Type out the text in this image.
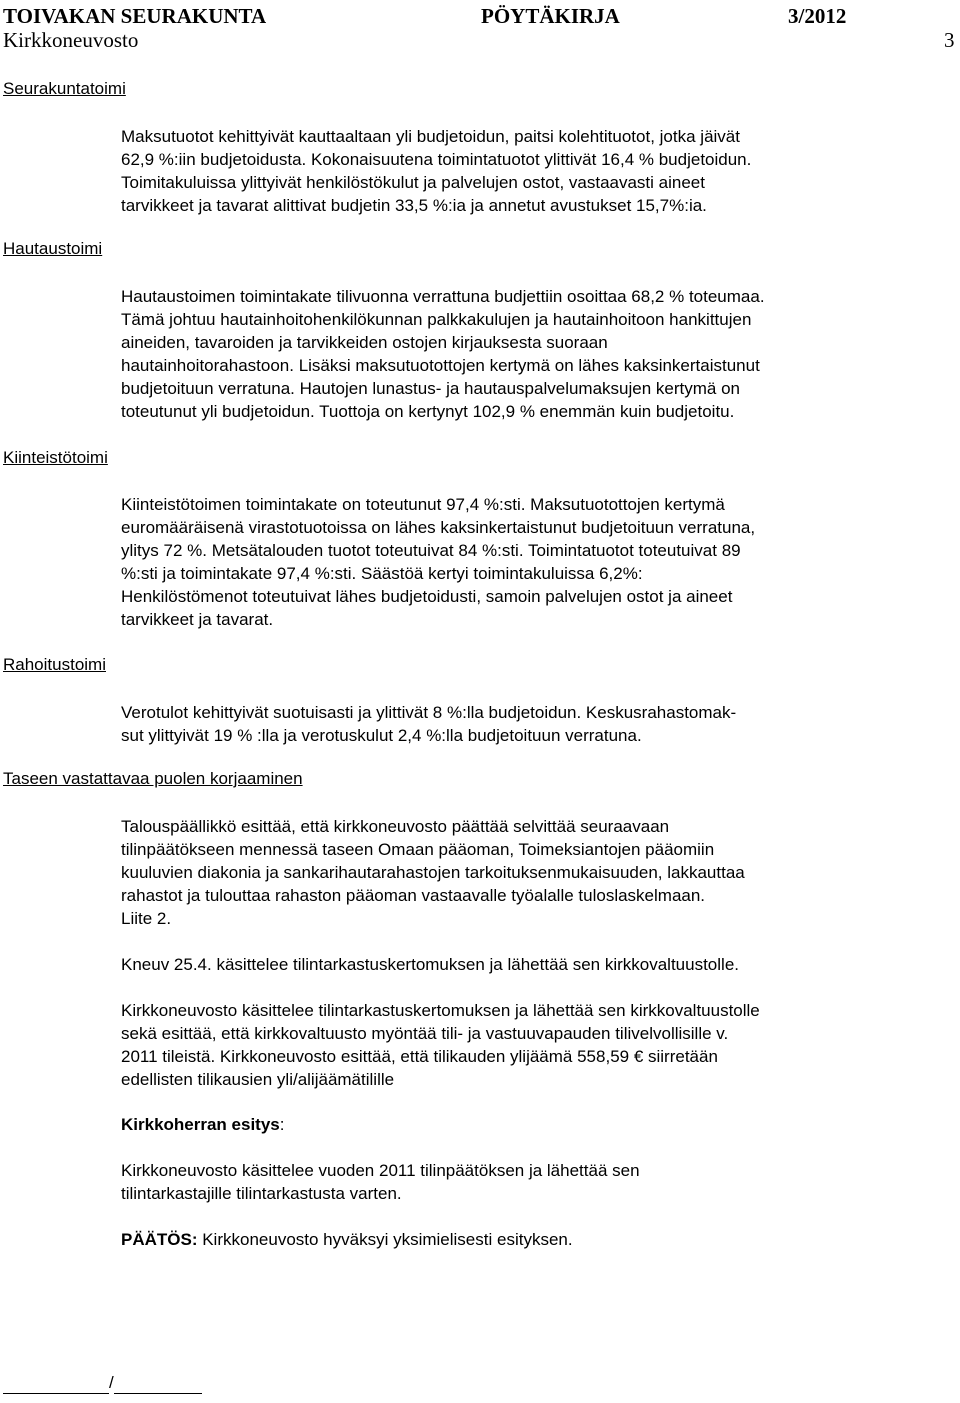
TOIVAKAN SEURAKUNTA	PÖYTÄKIRJA	3/2012
Kirkkoneuvosto	3
Seurakuntatoimi

Maksutuotot kehittyivät kauttaaltaan yli budjetoidun, paitsi kolehtituotot, jotka jäivät
62,9 %:iin budjetoidusta. Kokonaisuutena toimintatuotot ylittivät 16,4 % budjetoidun.
Toimitakuluissa ylittyivät henkilöstökulut ja palvelujen ostot, vastaavasti aineet
tarvikkeet ja tavarat alittivat budjetin 33,5 %:ia ja annetut avustukset 15,7%:ia.

Hautaustoimi

Hautaustoimen toimintakate tilivuonna verrattuna budjettiin osoittaa 68,2 % toteumaa.
Tämä johtuu hautainhoitohenkilökunnan palkkakulujen ja hautainhoitoon hankittujen
aineiden, tavaroiden ja tarvikkeiden ostojen kirjauksesta suoraan
hautainhoitorahastoon. Lisäksi maksutuotottojen kertymä on lähes kaksinkertaistunut
budjetoituun verratuna. Hautojen lunastus- ja hautauspalvelumaksujen kertymä on
toteutunut yli budjetoidun. Tuottoja on kertynyt 102,9 % enemmän kuin budjetoitu.

Kiinteistötoimi

Kiinteistötoimen toimintakate on toteutunut 97,4 %:sti. Maksutuotottojen kertymä
euromääräisenä virastotuotoissa on lähes kaksinkertaistunut budjetoituun verratuna,
ylitys 72 %. Metsätalouden tuotot toteutuivat 84 %:sti. Toimintatuotot toteutuivat 89
%:sti ja toimintakate 97,4 %:sti. Säästöä kertyi toimintakuluissa 6,2%:
Henkilöstömenot toteutuivat lähes budjetoidusti, samoin palvelujen ostot ja aineet
tarvikkeet ja tavarat.

Rahoitustoimi

Verotulot kehittyivät suotuisasti ja ylittivät 8 %:lla budjetoidun. Keskusrahastomak-
sut ylittyivät 19 % :lla ja verotuskulut 2,4 %:lla budjetoituun verratuna.

Taseen vastattavaa puolen korjaaminen

Talouspäällikkö esittää, että kirkkoneuvosto päättää selvittää seuraavaan
tilinpäätökseen mennessä taseen Omaan pääoman, Toimeksiantojen pääomiin
kuuluvien diakonia ja sankarihautarahastojen tarkoituksenmukaisuuden, lakkauttaa
rahastot ja tulouttaa rahaston pääoman vastaavalle työalalle tuloslaskelmaan.
Liite 2.

Kneuv 25.4. käsittelee tilintarkastuskertomuksen ja lähettää sen kirkkovaltuustolle.

Kirkkoneuvosto käsittelee tilintarkastuskertomuksen ja lähettää sen kirkkovaltuustolle
sekä esittää, että kirkkovaltuusto myöntää tili- ja vastuuvapauden tilivelvollisille v.
2011 tileistä. Kirkkoneuvosto esittää, että tilikauden ylijäämä 558,59 € siirretään
edellisten tilikausien yli/alijäämätilille

Kirkkoherran esitys:

Kirkkoneuvosto käsittelee vuoden 2011 tilinpäätöksen ja lähettää sen
tilintarkastajille tilintarkastusta varten.

PÄÄTÖS: Kirkkoneuvosto hyväksyi yksimielisesti esityksen.

/
